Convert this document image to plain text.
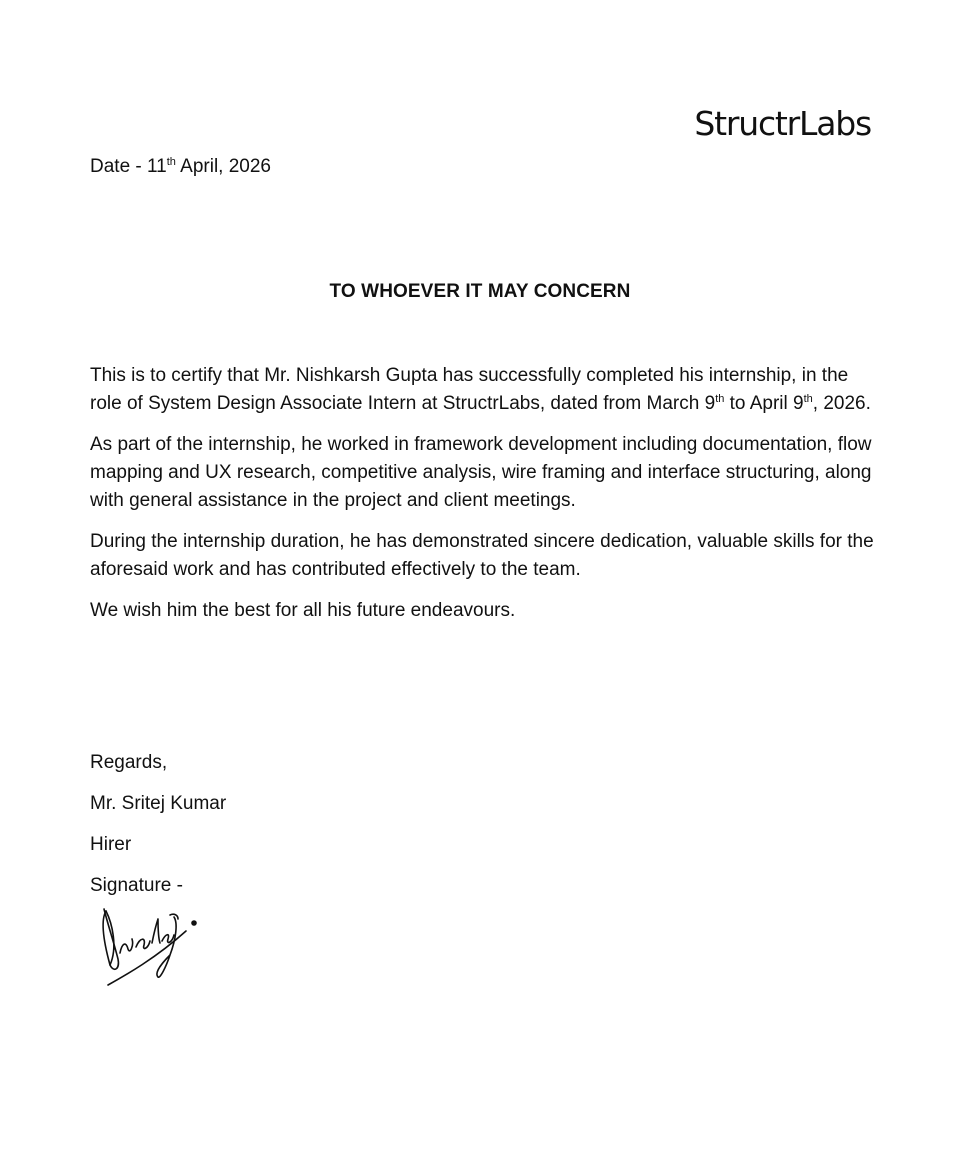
StructrLabs
Date - 11th April, 2026
TO WHOEVER IT MAY CONCERN

This is to certify that Mr. Nishkarsh Gupta has successfully completed his internship, in the role of System Design Associate Intern at StructrLabs, dated from March 9th to April 9th, 2026.

As part of the internship, he worked in framework development including documentation, flow mapping and UX research, competitive analysis, wire framing and interface structuring, along with general assistance in the project and client meetings.

During the internship duration, he has demonstrated sincere dedication, valuable skills for the aforesaid work and has contributed effectively to the team.

We wish him the best for all his future endeavours.

Regards,
Mr. Sritej Kumar
Hirer
Signature -
